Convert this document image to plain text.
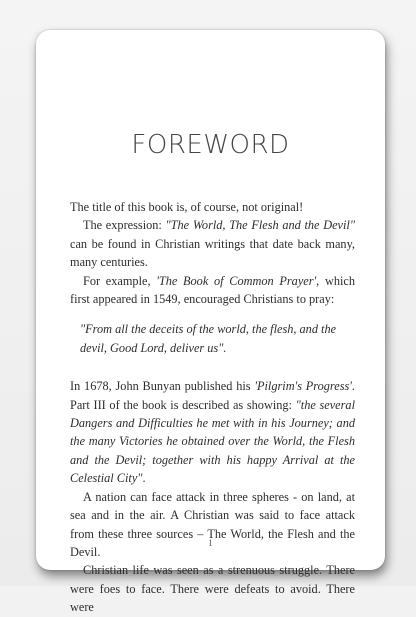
FOREWORD

The title of this book is, of course, not original!

The expression: "The World, The Flesh and the Devil" can be found in Christian writings that date back many, many centuries.

For example, 'The Book of Common Prayer', which first appeared in 1549, encouraged Christians to pray:

"From all the deceits of the world, the flesh, and the devil, Good Lord, deliver us".

In 1678, John Bunyan published his 'Pilgrim's Progress'. Part III of the book is described as showing: "the several Dangers and Difficulties he met with in his Journey; and the many Victories he obtained over the World, the Flesh and the Devil; together with his happy Arrival at the Celestial City".

A nation can face attack in three spheres - on land, at sea and in the air. A Christian was said to face attack from these three sources – The World, the Flesh and the Devil.

Christian life was seen as a strenuous struggle. There were foes to face. There were defeats to avoid. There were

1
